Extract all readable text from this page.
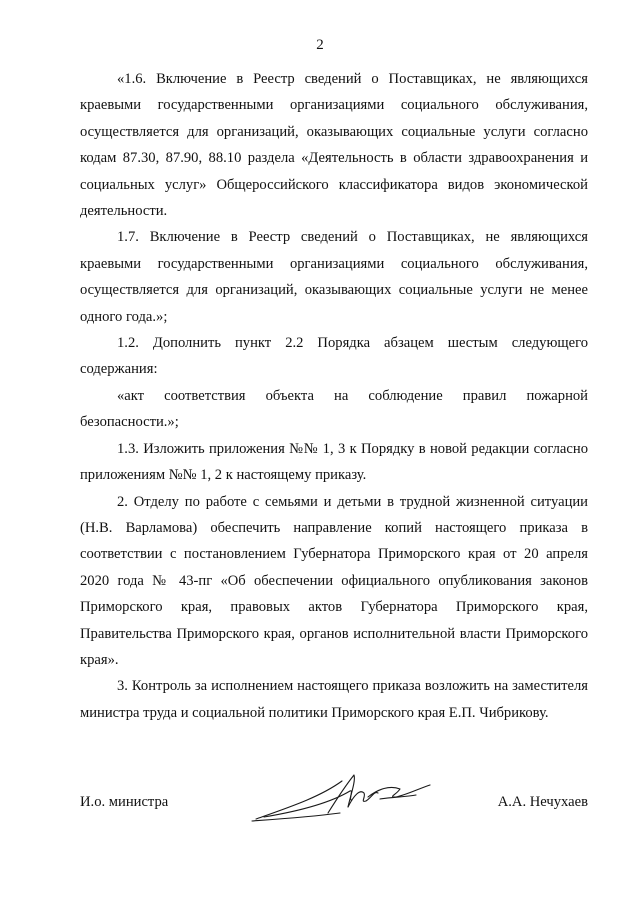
2

«1.6. Включение в Реестр сведений о Поставщиках, не являющихся краевыми государственными организациями социального обслуживания, осуществляется для организаций, оказывающих социальные услуги согласно кодам 87.30, 87.90, 88.10 раздела «Деятельность в области здравоохранения и социальных услуг» Общероссийского классификатора видов экономической деятельности.

1.7. Включение в Реестр сведений о Поставщиках, не являющихся краевыми государственными организациями социального обслуживания, осуществляется для организаций, оказывающих социальные услуги не менее одного года.»;

1.2. Дополнить пункт 2.2 Порядка абзацем шестым следующего содержания:

«акт соответствия объекта на соблюдение правил пожарной безопасности.»;

1.3. Изложить приложения №№ 1, 3 к Порядку в новой редакции согласно приложениям №№ 1, 2 к настоящему приказу.

2. Отделу по работе с семьями и детьми в трудной жизненной ситуации (Н.В. Варламова) обеспечить направление копий настоящего приказа в соответствии с постановлением Губернатора Приморского края от 20 апреля 2020 года № 43-пг «Об обеспечении официального опубликования законов Приморского края, правовых актов Губернатора Приморского края, Правительства Приморского края, органов исполнительной власти Приморского края».

3. Контроль за исполнением настоящего приказа возложить на заместителя министра труда и социальной политики Приморского края Е.П. Чибрикову.

И.о. министра	А.А. Нечухаев
